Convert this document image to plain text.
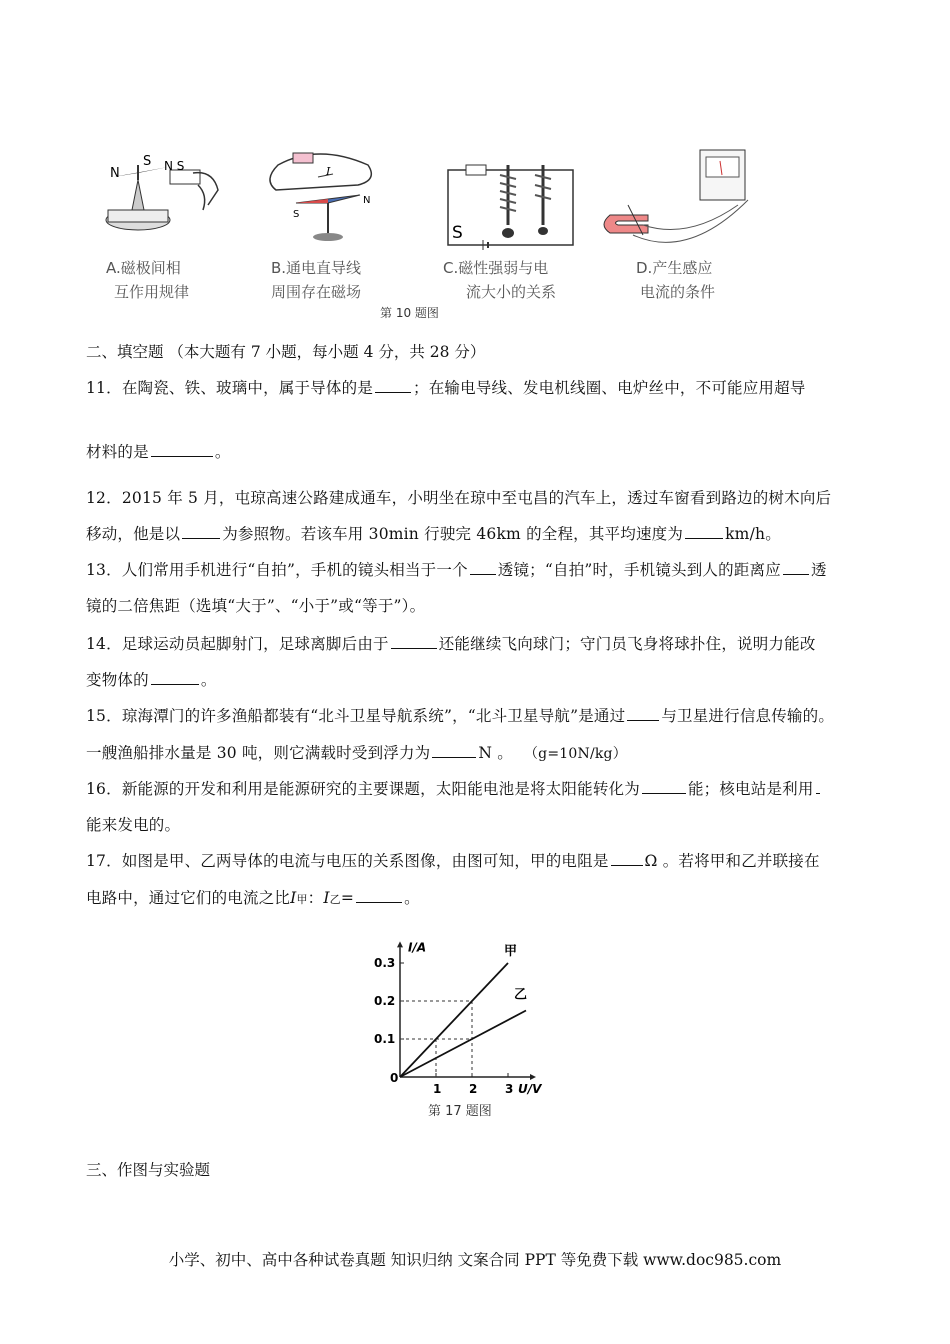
N
S N S
A.磁极间相
互作用规律
I
S
N
B.通电直导线
周围存在磁场
S
C.磁性强弱与电
流大小的关系
D.产生感应
电流的条件
第 10 题图
二、填空题 （本大题有 7 小题，每小题 4 分，共 28 分）
11．在陶瓷、铁、玻璃中，属于导体的是	；在输电导线、发电机线圈、电炉丝中，不可能应用超导
材料的是	。
12．2015 年 5 月，屯琼高速公路建成通车，小明坐在琼中至屯昌的汽车上，透过车窗看到路边的树木向后
移动，他是以	为参照物。若该车用 30min 行驶完 46km 的全程，其平均速度为	km/h。
13．人们常用手机进行“自拍”，手机的镜头相当于一个 透镜；“自拍”时，手机镜头到人的距离应 透
镜的二倍焦距（选填“大于”、“小于”或“等于”）。
14．足球运动员起脚射门，足球离脚后由于	还能继续飞向球门；守门员飞身将球扑住，说明力能改
变物体的	。
15．琼海潭门的许多渔船都装有“北斗卫星导航系统”，“北斗卫星导航”是通过 与卫星进行信息传输的。
一艘渔船排水量是 30 吨，则它满载时受到浮力为	N 。 （g=10N/kg）
16．新能源的开发和利用是能源研究的主要课题，太阳能电池是将太阳能转化为	能；核电站是利用
能来发电的。
17．如图是甲、乙两导体的电流与电压的关系图像，由图可知，甲的电阻是 Ω 。若将甲和乙并联接在
电路中，通过它们的电流之比I甲：I乙=	。
I/A
U/V
0
1 2 3
0.1
0.2
0.3
甲
乙
第 17 题图
三、作图与实验题
小学、初中、高中各种试卷真题 知识归纳 文案合同 PPT 等免费下载 www.doc985.com
